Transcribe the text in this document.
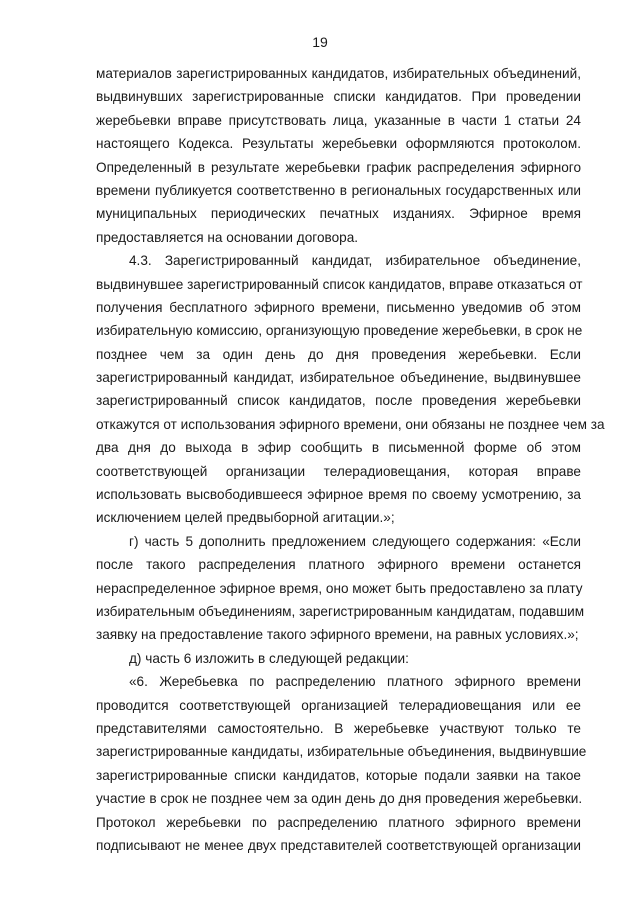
19
материалов зарегистрированных кандидатов, избирательных объединений,
выдвинувших зарегистрированные списки кандидатов. При проведении
жеребьевки вправе присутствовать лица, указанные в части 1 статьи 24
настоящего Кодекса. Результаты жеребьевки оформляются протоколом.
Определенный в результате жеребьевки график распределения эфирного
времени публикуется соответственно в региональных государственных или
муниципальных периодических печатных изданиях. Эфирное время
предоставляется на основании договора.
4.3. Зарегистрированный кандидат, избирательное объединение,
выдвинувшее зарегистрированный список кандидатов, вправе отказаться от
получения бесплатного эфирного времени, письменно уведомив об этом
избирательную комиссию, организующую проведение жеребьевки, в срок не
позднее чем за один день до дня проведения жеребьевки. Если
зарегистрированный кандидат, избирательное объединение, выдвинувшее
зарегистрированный список кандидатов, после проведения жеребьевки
откажутся от использования эфирного времени, они обязаны не позднее чем за
два дня до выхода в эфир сообщить в письменной форме об этом
соответствующей организации телерадиовещания, которая вправе
использовать высвободившееся эфирное время по своему усмотрению, за
исключением целей предвыборной агитации.»;
г) часть 5 дополнить предложением следующего содержания: «Если
после такого распределения платного эфирного времени останется
нераспределенное эфирное время, оно может быть предоставлено за плату
избирательным объединениям, зарегистрированным кандидатам, подавшим
заявку на предоставление такого эфирного времени, на равных условиях.»;
д) часть 6 изложить в следующей редакции:
«6. Жеребьевка по распределению платного эфирного времени
проводится соответствующей организацией телерадиовещания или ее
представителями самостоятельно. В жеребьевке участвуют только те
зарегистрированные кандидаты, избирательные объединения, выдвинувшие
зарегистрированные списки кандидатов, которые подали заявки на такое
участие в срок не позднее чем за один день до дня проведения жеребьевки.
Протокол жеребьевки по распределению платного эфирного времени
подписывают не менее двух представителей соответствующей организации
